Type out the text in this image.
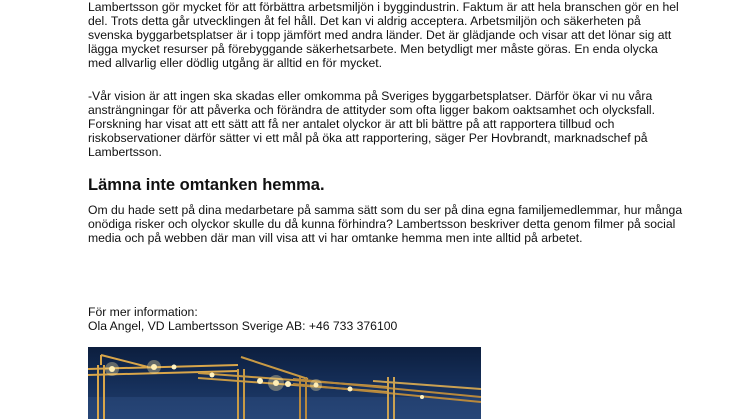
Lambertsson gör mycket för att förbättra arbetsmiljön i byggindustrin. Faktum är att hela branschen gör en hel
del. Trots detta går utvecklingen åt fel håll. Det kan vi aldrig acceptera. Arbetsmiljön och säkerheten på
svenska byggarbetsplatser är i topp jämfört med andra länder. Det är glädjande och visar att det lönar sig att
lägga mycket resurser på förebyggande säkerhetsarbete. Men betydligt mer måste göras. En enda olycka
med allvarlig eller dödlig utgång är alltid en för mycket.

-Vår vision är att ingen ska skadas eller omkomma på Sveriges byggarbetsplatser. Därför ökar vi nu våra
ansträngningar för att påverka och förändra de attityder som ofta ligger bakom oaktsamhet och olycksfall.
Forskning har visat att ett sätt att få ner antalet olyckor är att bli bättre på att rapportera tillbud och
riskobservationer därför sätter vi ett mål på öka att rapportering, säger Per Hovbrandt, marknadschef på
Lambertsson.

Lämna inte omtanken hemma.

Om du hade sett på dina medarbetare på samma sätt som du ser på dina egna familjemedlemmar, hur många
onödiga risker och olyckor skulle du då kunna förhindra? Lambertsson beskriver detta genom filmer på social
media och på webben där man vill visa att vi har omtanke hemma men inte alltid på arbetet.

För mer information:
Ola Angel, VD Lambertsson Sverige AB: +46 733 376100
